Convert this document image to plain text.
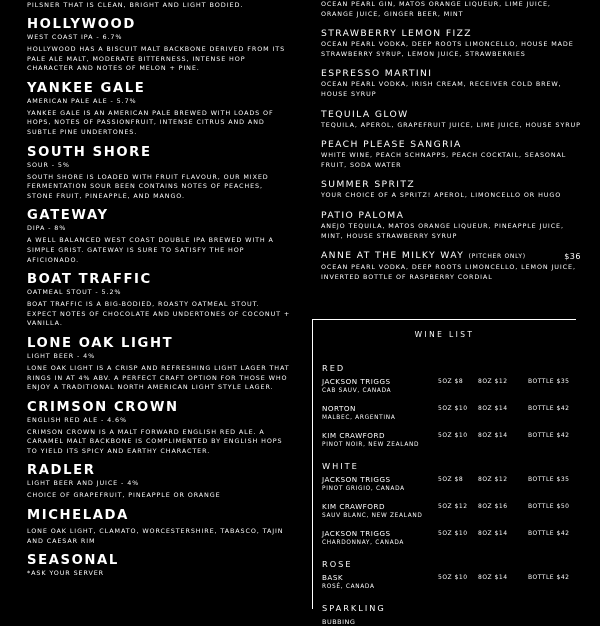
PILSNER THAT IS CLEAN, BRIGHT AND LIGHT BODIED.
HOLLYWOOD
WEST COAST IPA - 6.7%
HOLLYWOOD HAS A BISCUIT MALT BACKBONE DERIVED FROM ITS PALE ALE MALT, MODERATE BITTERNESS, INTENSE HOP CHARACTER AND NOTES OF MELON + PINE.
YANKEE GALE
AMERICAN PALE ALE - 5.7%
YANKEE GALE IS AN AMERICAN PALE BREWED WITH LOADS OF HOPS, NOTES OF PASSIONFRUIT, INTENSE CITRUS AND AND SUBTLE PINE UNDERTONES.
SOUTH SHORE
SOUR - 5%
SOUTH SHORE IS LOADED WITH FRUIT FLAVOUR, OUR MIXED FERMENTATION SOUR BEEN CONTAINS NOTES OF PEACHES, STONE FRUIT, PINEAPPLE, AND MANGO.
GATEWAY
DIPA - 8%
A WELL BALANCED WEST COAST DOUBLE IPA BREWED WITH A SIMPLE GRIST. GATEWAY IS SURE TO SATISFY THE HOP AFICIONADO.
BOAT TRAFFIC
OATMEAL STOUT - 5.2%
BOAT TRAFFIC IS A BIG-BODIED, ROASTY OATMEAL STOUT. EXPECT NOTES OF CHOCOLATE AND UNDERTONES OF COCONUT + VANILLA.
LONE OAK LIGHT
LIGHT BEER - 4%
LONE OAK LIGHT IS A CRISP AND REFRESHING LIGHT LAGER THAT RINGS IN AT 4% ABV. A PERFECT CRAFT OPTION FOR THOSE WHO ENJOY A TRADITIONAL NORTH AMERICAN LIGHT STYLE LAGER.
CRIMSON CROWN
ENGLISH RED ALE - 4.6%
CRIMSON CROWN IS A MALT FORWARD ENGLISH RED ALE. A CARAMEL MALT BACKBONE IS COMPLIMENTED BY ENGLISH HOPS TO YIELD ITS SPICY AND EARTHY CHARACTER.
RADLER
LIGHT BEER AND JUICE - 4%
CHOICE OF GRAPEFRUIT, PINEAPPLE OR ORANGE
MICHELADA
LONE OAK LIGHT, CLAMATO, WORCESTERSHIRE, TABASCO, TAJIN AND CAESAR RIM
SEASONAL
*ASK YOUR SERVER
OCEAN PEARL GIN, MATOS ORANGE LIQUEUR, LIME JUICE, ORANGE JUICE, GINGER BEER, MINT
STRAWBERRY LEMON FIZZ
OCEAN PEARL VODKA, DEEP ROOTS LIMONCELLO, HOUSE MADE STRAWBERRY SYRUP, LEMON JUICE, STRAWBERRIES
ESPRESSO MARTINI
OCEAN PEARL VODKA, IRISH CREAM, RECEIVER COLD BREW, HOUSE SYRUP
TEQUILA GLOW
TEQUILA, APEROL, GRAPEFRUIT JUICE, LIME JUICE, HOUSE SYRUP
PEACH PLEASE SANGRIA
WHITE WINE, PEACH SCHNAPPS, PEACH COCKTAIL, SEASONAL FRUIT, SODA WATER
SUMMER SPRITZ
YOUR CHOICE OF A SPRITZ! APEROL, LIMONCELLO OR HUGO
PATIO PALOMA
ANEJO TEQUILA, MATOS ORANGE LIQUEUR, PINEAPPLE JUICE, MINT, HOUSE STRAWBERRY SYRUP
ANNE AT THE MILKY WAY (PITCHER ONLY)	$36
OCEAN PEARL VODKA, DEEP ROOTS LIMONCELLO, LEMON JUICE, INVERTED BOTTLE OF RASPBERRY CORDIAL
WINE LIST
RED
JACKSON TRIGGS
CAB SAUV, CANADA
5OZ $8 8OZ $12	BOTTLE $35
NORTON
MALBEC, ARGENTINA
5OZ $10 8OZ $14	BOTTLE $42
KIM CRAWFORD
PINOT NOIR, NEW ZEALAND
5OZ $10 8OZ $14	BOTTLE $42
WHITE
JACKSON TRIGGS
PINOT GRIGIO, CANADA
5OZ $8 8OZ $12	BOTTLE $35
KIM CRAWFORD
SAUV BLANC, NEW ZEALAND
5OZ $12 8OZ $16	BOTTLE $50
JACKSON TRIGGS
CHARDONNAY, CANADA
5OZ $10 8OZ $14	BOTTLE $42
ROSE
BASK
ROSÉ, CANADA
5OZ $10 8OZ $14	BOTTLE $42
SPARKLING
BUBBING
